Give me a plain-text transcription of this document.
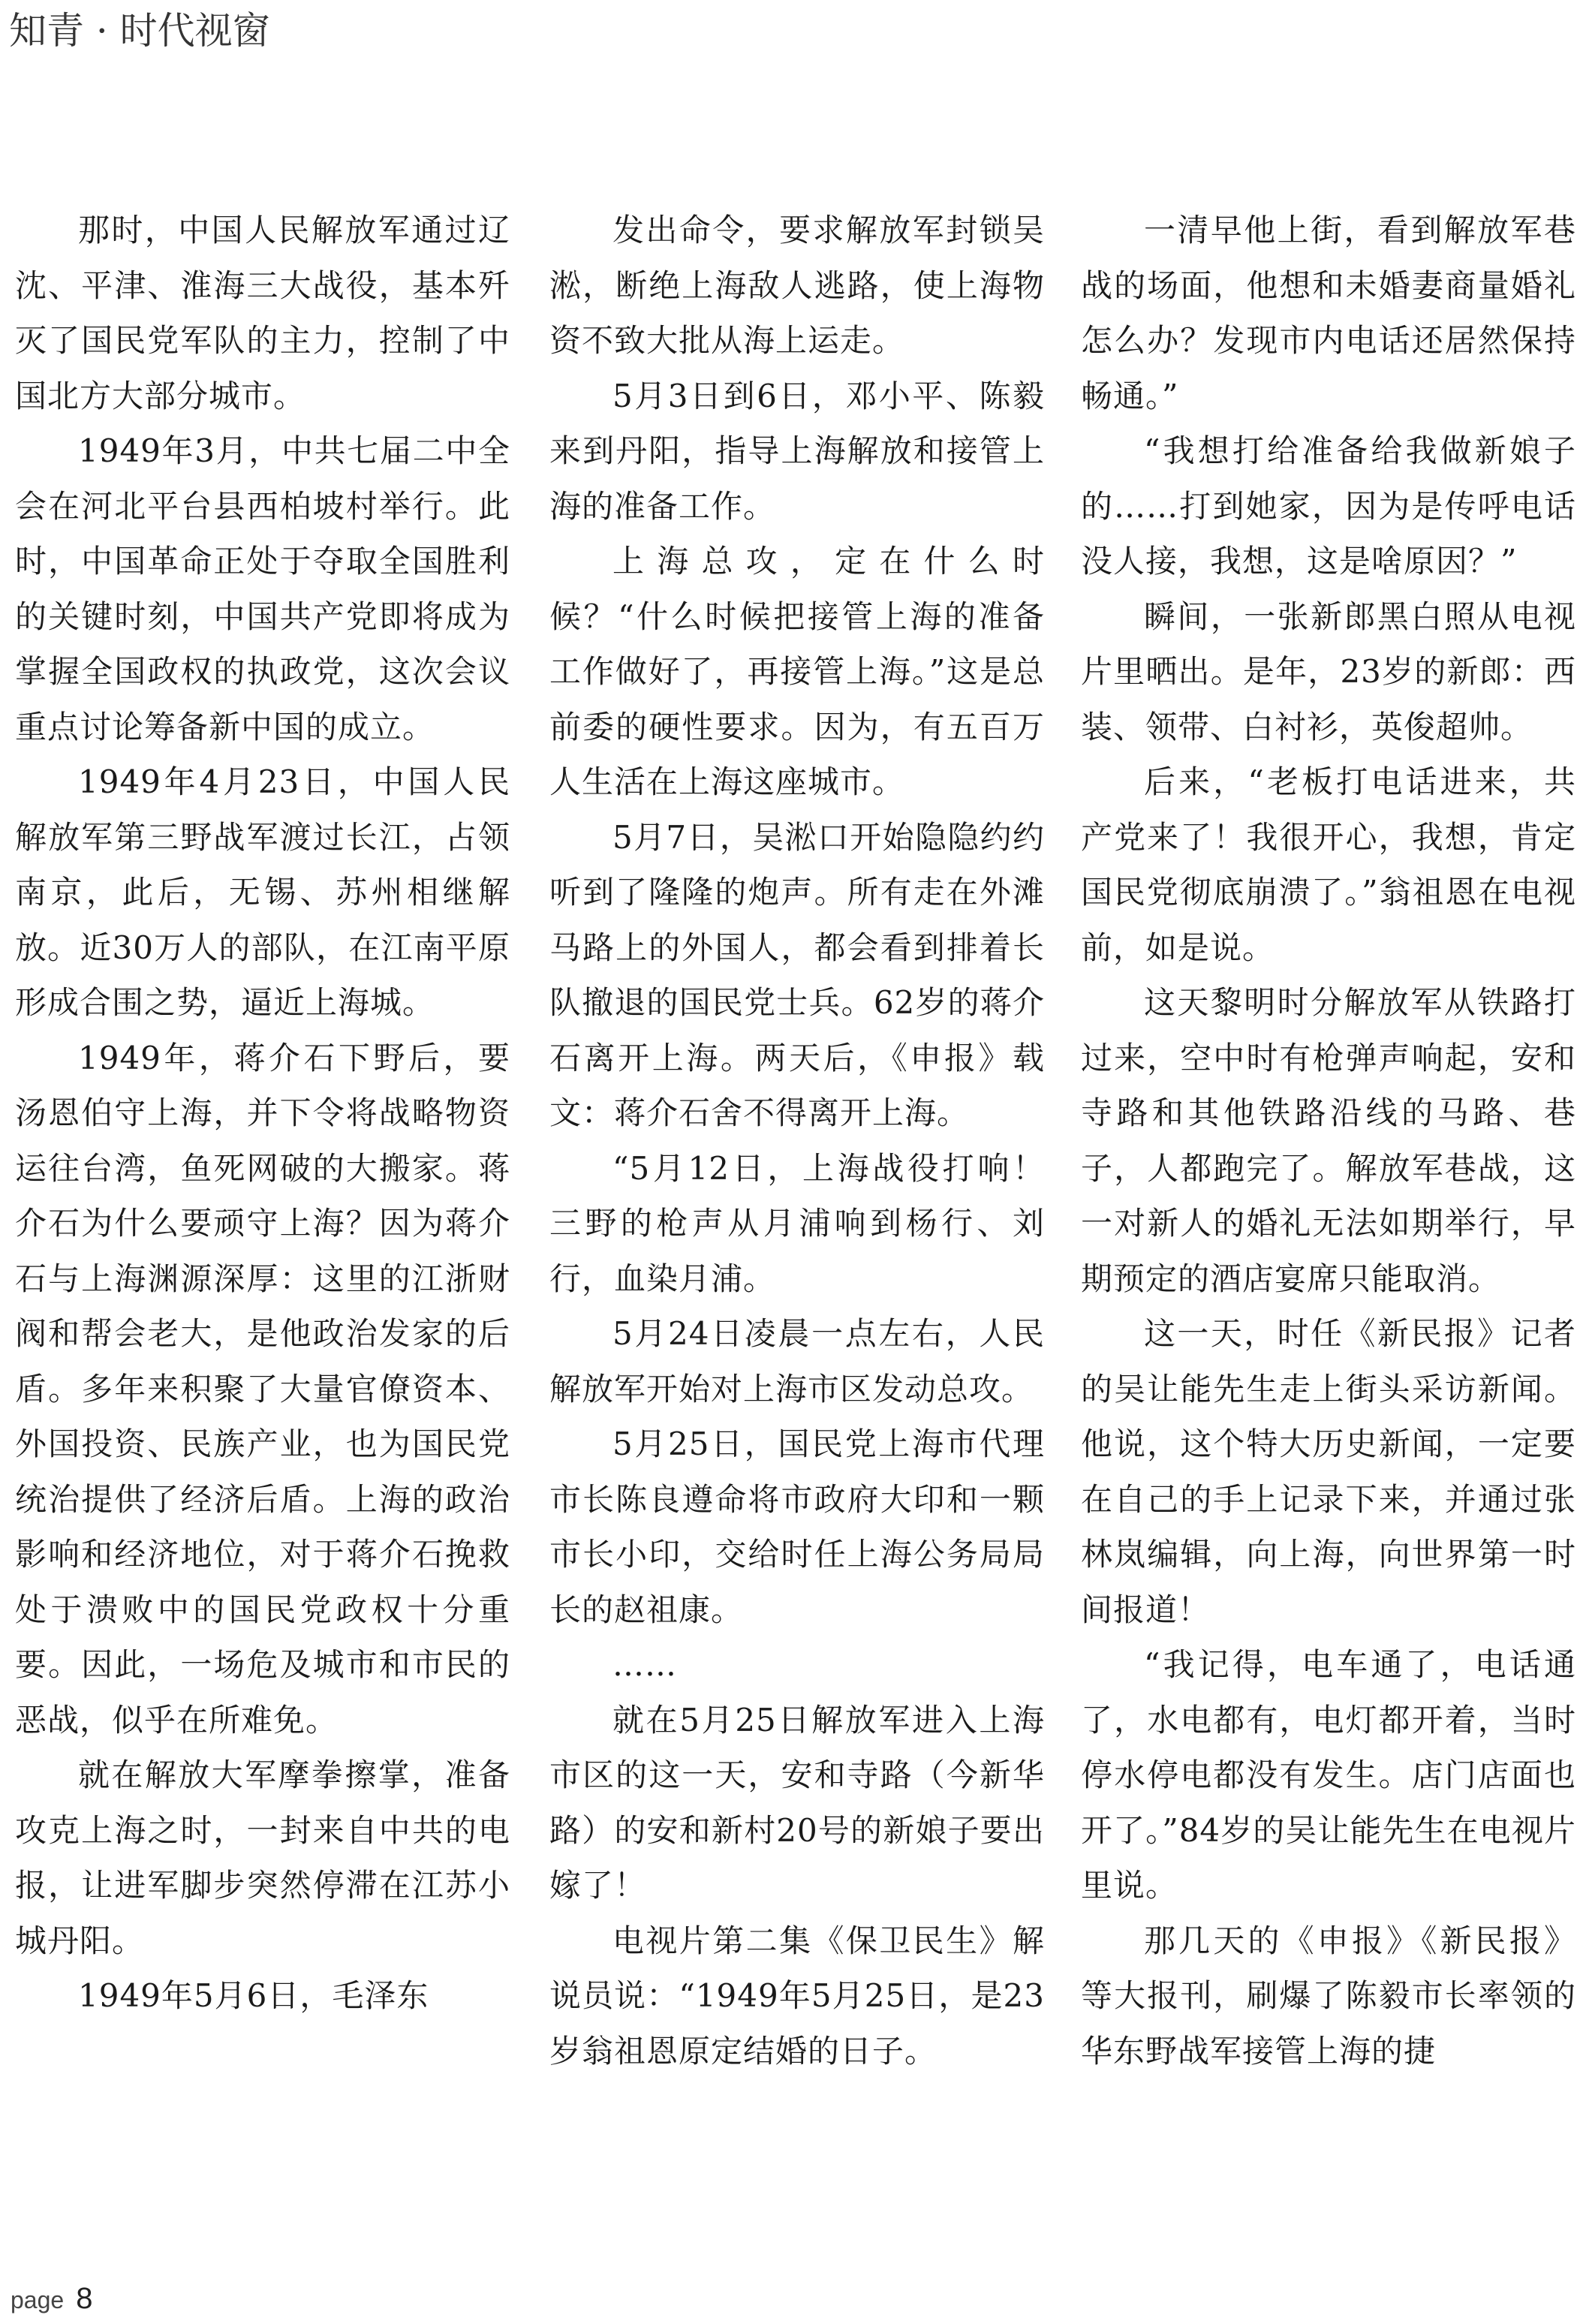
知青 · 时代视窗

那时，中国人民解放军通过辽沈、平津、淮海三大战役，基本歼灭了国民党军队的主力，控制了中国北方大部分城市。

1949年3月，中共七届二中全会在河北平台县西柏坡村举行。此时，中国革命正处于夺取全国胜利的关键时刻，中国共产党即将成为掌握全国政权的执政党，这次会议重点讨论筹备新中国的成立。

1949年4月23日，中国人民解放军第三野战军渡过长江，占领南京，此后，无锡、苏州相继解放。近30万人的部队，在江南平原形成合围之势，逼近上海城。

1949年，蒋介石下野后，要汤恩伯守上海，并下令将战略物资运往台湾，鱼死网破的大搬家。蒋介石为什么要顽守上海？因为蒋介石与上海渊源深厚：这里的江浙财阀和帮会老大，是他政治发家的后盾。多年来积聚了大量官僚资本、外国投资、民族产业，也为国民党统治提供了经济后盾。上海的政治影响和经济地位，对于蒋介石挽救处于溃败中的国民党政权十分重要。因此，一场危及城市和市民的恶战，似乎在所难免。

就在解放大军摩拳擦掌，准备攻克上海之时，一封来自中共的电报，让进军脚步突然停滞在江苏小城丹阳。

1949年5月6日，毛泽东

发出命令，要求解放军封锁吴淞，断绝上海敌人逃路，使上海物资不致大批从海上运走。

5月3日到6日，邓小平、陈毅来到丹阳，指导上海解放和接管上海的准备工作。

上海总攻，定在什么时候？“什么时候把接管上海的准备工作做好了，再接管上海。”这是总前委的硬性要求。因为，有五百万人生活在上海这座城市。

5月7日，吴淞口开始隐隐约约听到了隆隆的炮声。所有走在外滩马路上的外国人，都会看到排着长队撤退的国民党士兵。62岁的蒋介石离开上海。两天后，《申报》载文：蒋介石舍不得离开上海。

“5月12日，上海战役打响！三野的枪声从月浦响到杨行、刘行，血染月浦。

5月24日凌晨一点左右，人民解放军开始对上海市区发动总攻。

5月25日，国民党上海市代理市长陈良遵命将市政府大印和一颗市长小印，交给时任上海公务局局长的赵祖康。

……

就在5月25日解放军进入上海市区的这一天，安和寺路（今新华路）的安和新村20号的新娘子要出嫁了！

电视片第二集《保卫民生》解说员说：“1949年5月25日，是23岁翁祖恩原定结婚的日子。

一清早他上街，看到解放军巷战的场面，他想和未婚妻商量婚礼怎么办？发现市内电话还居然保持畅通。”

“我想打给准备给我做新娘子的……打到她家，因为是传呼电话没人接，我想，这是啥原因？”

瞬间，一张新郎黑白照从电视片里晒出。是年，23岁的新郎：西装、领带、白衬衫，英俊超帅。

后来，“老板打电话进来，共产党来了！我很开心，我想，肯定国民党彻底崩溃了。”翁祖恩在电视前，如是说。

这天黎明时分解放军从铁路打过来，空中时有枪弹声响起，安和寺路和其他铁路沿线的马路、巷子，人都跑完了。解放军巷战，这一对新人的婚礼无法如期举行，早期预定的酒店宴席只能取消。

这一天，时任《新民报》记者的吴让能先生走上街头采访新闻。他说，这个特大历史新闻，一定要在自己的手上记录下来，并通过张林岚编辑，向上海，向世界第一时间报道！

“我记得，电车通了，电话通了，水电都有，电灯都开着，当时停水停电都没有发生。店门店面也开了。”84岁的吴让能先生在电视片里说。

那几天的《申报》《新民报》等大报刊，刷爆了陈毅市长率领的华东野战军接管上海的捷

page 8
